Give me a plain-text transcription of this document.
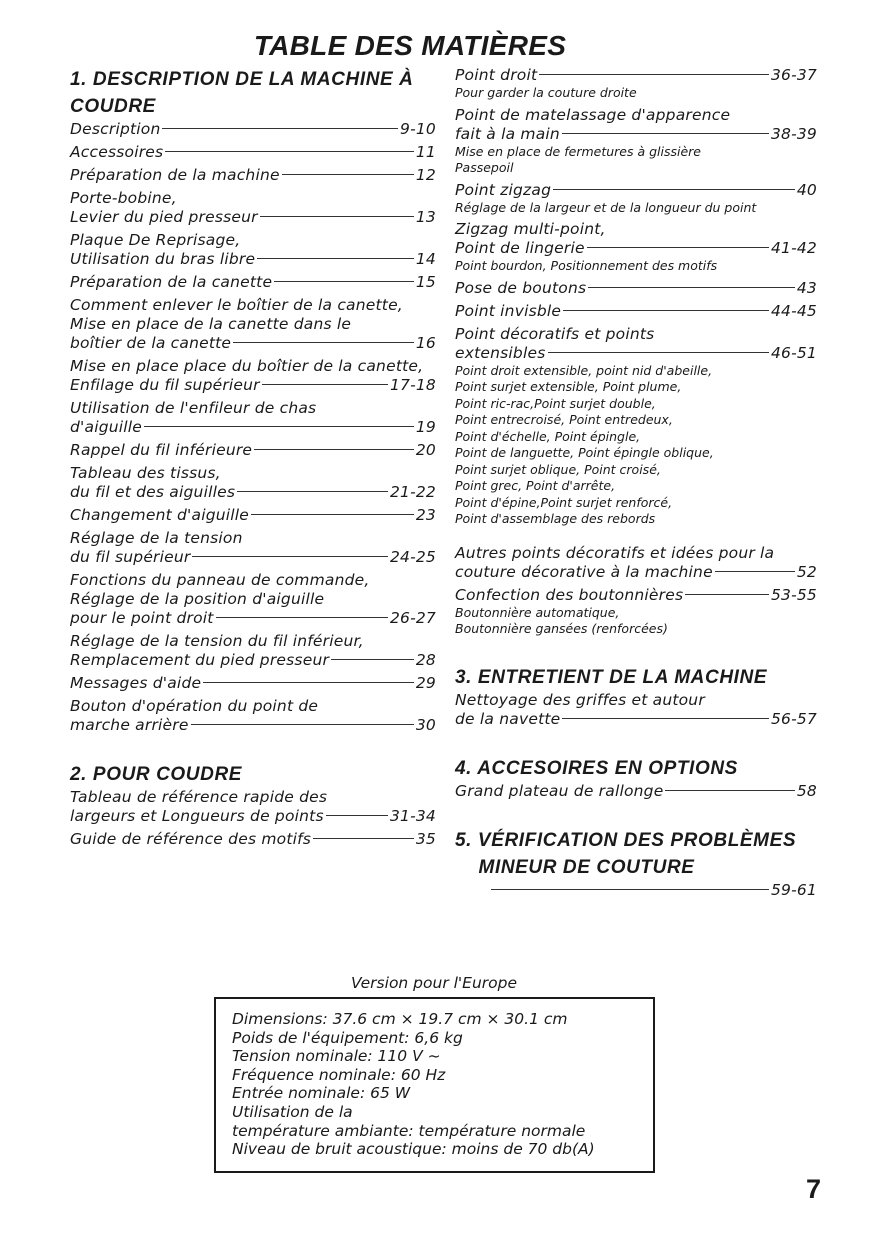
TABLE DES MATIÈRES
1. DESCRIPTION DE LA MACHINE À
COUDRE
Description	9-10
Accessoires	11
Préparation de la machine	12
Porte-bobine,
Levier du pied presseur	13
Plaque De Reprisage,
Utilisation du bras libre	14
Préparation de la canette	15
Comment enlever le boîtier de la canette,
Mise en place de la canette dans le
boîtier de la canette	16
Mise en place place du boîtier de la canette,
Enfilage du fil supérieur	17-18
Utilisation de l'enfileur de chas
d'aiguille	19
Rappel du fil inférieure	20
Tableau des tissus,
du fil et des aiguilles	21-22
Changement d'aiguille	23
Réglage de la tension
du fil supérieur	24-25
Fonctions du panneau de commande,
Réglage de la position d'aiguille
pour le point droit	26-27
Réglage de la tension du fil inférieur,
Remplacement du pied presseur	28
Messages d'aide	29
Bouton d'opération du point de
marche arrière	30
2. POUR COUDRE
Tableau de référence rapide des
largeurs et Longueurs de points	31-34
Guide de référence des motifs	35
Point droit	36-37
Pour garder la couture droite
Point de matelassage d'apparence
fait à la main	38-39
Mise en place de fermetures à glissière
Passepoil
Point zigzag	40
Réglage de la largeur et de la longueur du point
Zigzag multi-point,
Point de lingerie	41-42
Point bourdon, Positionnement des motifs
Pose de boutons	43
Point invisble	44-45
Point décoratifs et points
extensibles	46-51
Point droit extensible, point nid d'abeille,
Point surjet extensible, Point plume,
Point ric-rac,Point surjet double,
Point entrecroisé, Point entredeux,
Point d'échelle, Point épingle,
Point de languette, Point épingle oblique,
Point surjet oblique, Point croisé,
Point grec, Point d'arrête,
Point d'épine,Point surjet renforcé,
Point d'assemblage des rebords
Autres points décoratifs et idées pour la
couture décorative à la machine	52
Confection des boutonnières	53-55
Boutonnière automatique,
Boutonnière gansées (renforcées)
3. ENTRETIENT DE LA MACHINE
Nettoyage des griffes et autour
de la navette	56-57
4. ACCESOIRES EN OPTIONS
Grand plateau de rallonge	58
5. VÉRIFICATION DES PROBLÈMES
MINEUR DE COUTURE
59-61
Version pour l'Europe
Dimensions: 37.6 cm × 19.7 cm × 30.1 cm
Poids de l'équipement: 6,6 kg
Tension nominale: 110 V ~
Fréquence nominale: 60 Hz
Entrée nominale: 65 W
Utilisation de la
température ambiante: température normale
Niveau de bruit acoustique: moins de 70 db(A)
7
